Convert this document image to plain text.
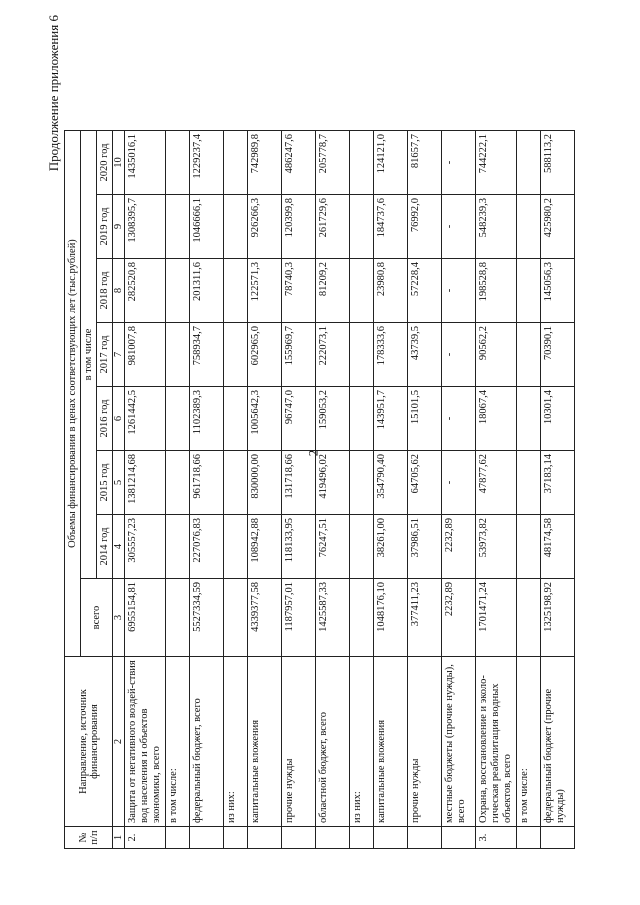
2
Продолжение приложения 6
№ п/п	Направление, источник финансирования	Объемы финансирования в ценах соответствующих лет (тыс.рублей)							
		всего	в том числе						
			2014 год	2015 год	2016 год	2017 год	2018 год	2019 год	2020 год
1	2	3	4	5	6	7	8	9	10
2.	Защита от негативного воздей-ствия вод населения и объектов экономики, всего	6955154,81	305557,23	1381214,68	1261442,5	981007,8	282520,8	1308395,7	1435016,1
	в том числе:								
	федеральный бюджет, всего	5527334,59	227076,83	961718,66	1102389,3	758934,7	201311,6	1046666,1	1229237,4
	из них:								
	капитальные вложения	4339377,58	108942,88	830000,00	1005642,3	602965,0	122571,3	926266,3	742989,8
	прочие нужды	1187957,01	118133,95	131718,66	96747,0	155969,7	78740,3	120399,8	486247,6
	областной бюджет, всего	1425587,33	76247,51	419496,02	159053,2	222073,1	81209,2	261729,6	205778,7
	из них:								
	капитальные вложения	1048176,10	38261,00	354790,40	143951,7	178333,6	23980,8	184737,6	124121,0
	прочие нужды	377411,23	37986,51	64705,62	15101,5	43739,5	57228,4	76992,0	81657,7
	местные бюджеты (прочие нужды), всего	2232,89	2232,89	-	-	-	-	-	-
3.	Охрана, восстановление и эколо-гическая реабилитация водных объектов, всего	1701471,24	53973,82	47877,62	18067,4	90562,2	198528,8	548239,3	744222,1
	в том числе:								
	федеральный бюджет (прочие нужды)	1325198,92	48174,58	37183,14	10301,4	70390,1	145056,3	425980,2	588113,2
